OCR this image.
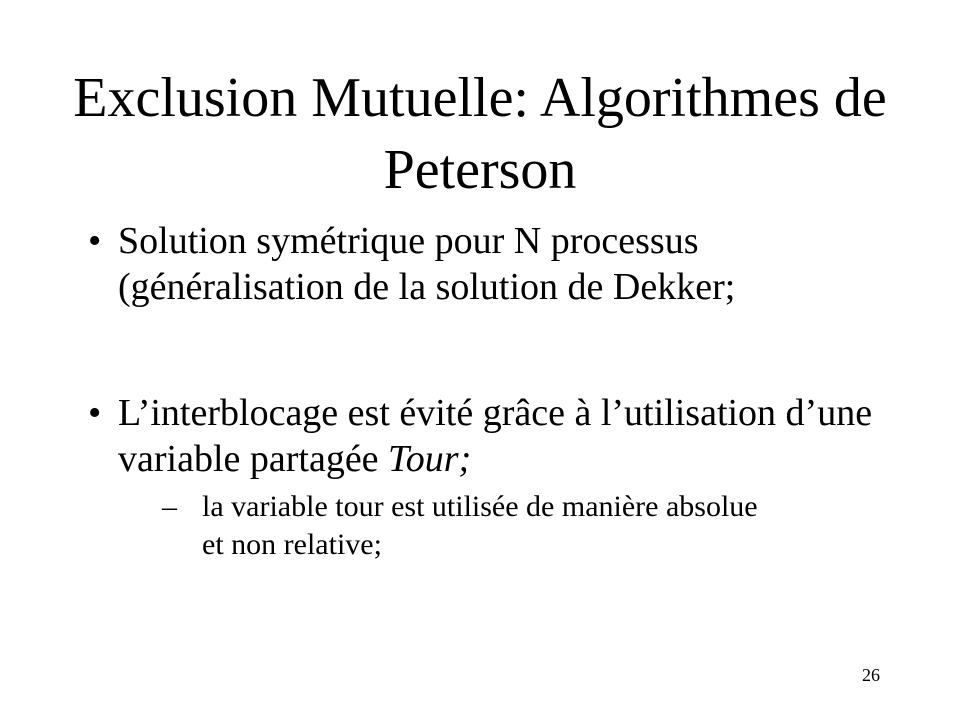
Exclusion Mutuelle: Algorithmes de Peterson
• Solution symétrique pour N processus (généralisation de la solution de Dekker;
• L’interblocage est évité grâce à l’utilisation d’une variable partagée Tour;
– la variable tour est utilisée de manière absolue et non relative;
26
